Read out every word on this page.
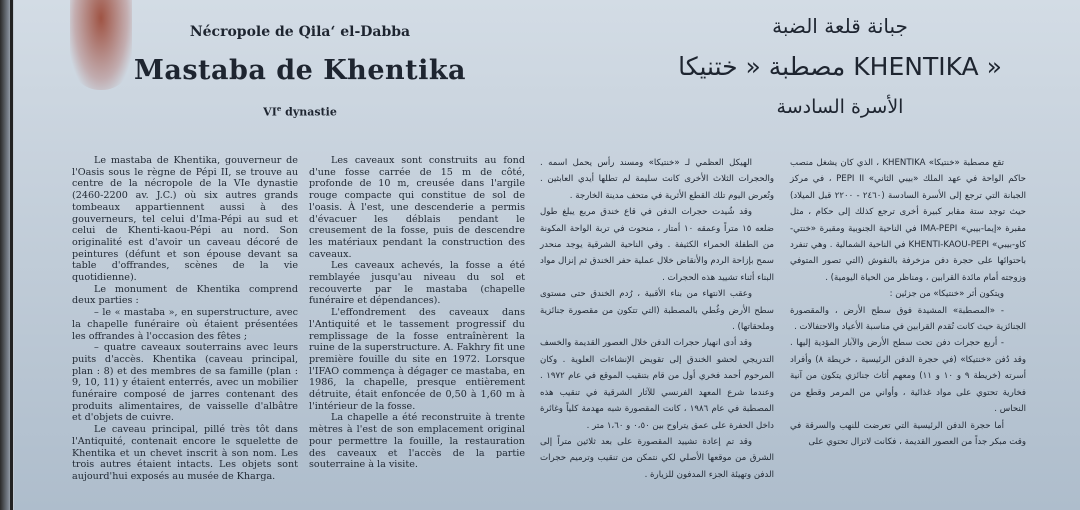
Nécropole de Qila‘ el-Dabba
Mastaba de Khentika
VIe dynastie
جبانة قلعة الضبة
مصطبة « ختنيكا KHENTIKA »
الأسرة السادسة

Le mastaba de Khentika, gouverneur de l'Oasis sous le règne de Pépi II, se trouve au centre de la nécropole de la VIe dynastie (2460-2200 av. J.C.) où six autres grands tombeaux appartiennent aussi à des gouverneurs, tel celui d'Ima-Pépi au sud et celui de Khenti-kaou-Pépi au nord. Son originalité est d'avoir un caveau décoré de peintures (défunt et son épouse devant sa table d'offrandes, scènes de la vie quotidienne).

Le monument de Khentika comprend deux parties :

– le « mastaba », en superstructure, avec la chapelle funéraire où étaient présentées les offrandes à l'occasion des fêtes ;

– quatre caveaux souterrains avec leurs puits d'accès. Khentika (caveau principal, plan : 8) et des membres de sa famille (plan : 9, 10, 11) y étaient enterrés, avec un mobilier funéraire composé de jarres contenant des produits alimentaires, de vaisselle d'albâtre et d'objets de cuivre.

Le caveau principal, pillé très tôt dans l'Antiquité, contenait encore le squelette de Khentika et un chevet inscrit à son nom. Les trois autres étaient intacts. Les objets sont aujourd'hui exposés au musée de Kharga.

Les caveaux sont construits au fond d'une fosse carrée de 15 m de côté, profonde de 10 m, creusée dans l'argile rouge compacte qui constitue de sol de l'oasis. À l'est, une descenderie a permis d'évacuer les déblais pendant le creusement de la fosse, puis de descendre les matériaux pendant la construction des caveaux.

Les caveaux achevés, la fosse a été remblayée jusqu'au niveau du sol et recouverte par le mastaba (chapelle funéraire et dépendances).

L'effondrement des caveaux dans l'Antiquité et le tassement progressif du remplissage de la fosse entraînèrent la ruine de la superstructure. A. Fakhry fit une première fouille du site en 1972. Lorsque l'IFAO commença à dégager ce mastaba, en 1986, la chapelle, presque entièrement détruite, était enfoncée de 0,50 à 1,60 m à l'intérieur de la fosse.

La chapelle a été reconstruite à trente mètres à l'est de son emplacement original pour permettre la fouille, la restauration des caveaux et l'accès de la partie souterraine à la visite.

الهيكل العظمي لـ «خنتيكا» ومسند رأس يحمل اسمه . والحجرات الثلاث الأخرى كانت سليمة لم تطلها أيدي العابثين . وتُعرض اليوم تلك القطع الأثرية في متحف مدينة الخارجة .

وقد شُيدت حجرات الدفن في قاع خندق مربع يبلغ طول ضلعه ١٥ متراً وعمقه ١٠ أمتار ، منحوت في تربة الواحة المكونة من الطفلة الحمراء الكثيفة . وفي الناحية الشرقية يوجد منحدر سمح بإزاحة الردم والأنقاض خلال عملية حفر الخندق ثم إنزال مواد البناء أثناء تشييد هذه الحجرات .

وعقب الانتهاء من بناء الأقبية ، رُدم الخندق حتى مستوى سطح الأرض وغُطي بالمصطبة (التي تتكون من مقصورة جنائزية وملحقاتها) .

وقد أدى انهيار حجرات الدفن خلال العصور القديمة والخسف التدريجي لحشو الخندق إلى تقويض الإنشاءات العلوية . وكان المرحوم أحمد فخري أول من قام بتنقيب الموقع في عام ١٩٧٢ . وعندما شرع المعهد الفرنسي للآثار الشرقية في تنقيب هذه المصطبة في عام ١٩٨٦ ، كانت المقصورة شبه مهدمة كلياً وغائرة داخل الحفرة على عمق يتراوح بين ٠،٥٠ و ١،٦٠ متر .

وقد تم إعادة تشييد المقصورة على بعد ثلاثين متراً إلى الشرق من موقعها الأصلي لكي نتمكن من تنقيب وترميم حجرات الدفن وتهيئة الجزء المدفون للزيارة .

تقع مصطبة «خنتيكا» KHENTIKA ، الذي كان يشغل منصب حاكم الواحة في عهد الملك «بيبي الثاني» PEPI II ، في مركز الجبانة التي ترجع إلى الأسرة السادسة (٢٤٦٠ - ٢٢٠٠ قبل الميلاد) حيث توجد ستة مقابر كبيرة أخرى ترجع كذلك إلى حكام ، مثل مقبرة «إيما-بيبي» IMA-PEPI في الناحية الجنوبية ومقبرة «خنتي-كاو-بيبي» KHENTI-KAOU-PEPI في الناحية الشمالية . وهي تنفرد باحتوائها على حجرة دفن مزخرفة بالنقوش (التي تصور المتوفي وزوجته أمام مائدة القرابين ، ومناظر من الحياة اليومية) .

ويتكون أثر «خنتيكا» من جزئين :

- «المصطبة» المشيدة فوق سطح الأرض ، والمقصورة الجنائزية حيث كانت تُقدم القرابين في مناسبة الأعياد والاحتفالات .

- أربع حجرات دفن تحت سطح الأرض والآبار المؤدية إليها . وقد دُفن «خنتيكا» (في حجرة الدفن الرئيسية ، خريطة ٨) وأفراد أسرته (خريطة ٩ و ١٠ و ١١) ومعهم أثاث جنائزي يتكون من آنية فخارية تحتوي على مواد غذائية ، وأواني من المرمر وقطع من النحاس .

أما حجرة الدفن الرئيسية التي تعرضت للنهب والسرقة في وقت مبكر جداً من العصور القديمة ، فكانت لاتزال تحتوي على
